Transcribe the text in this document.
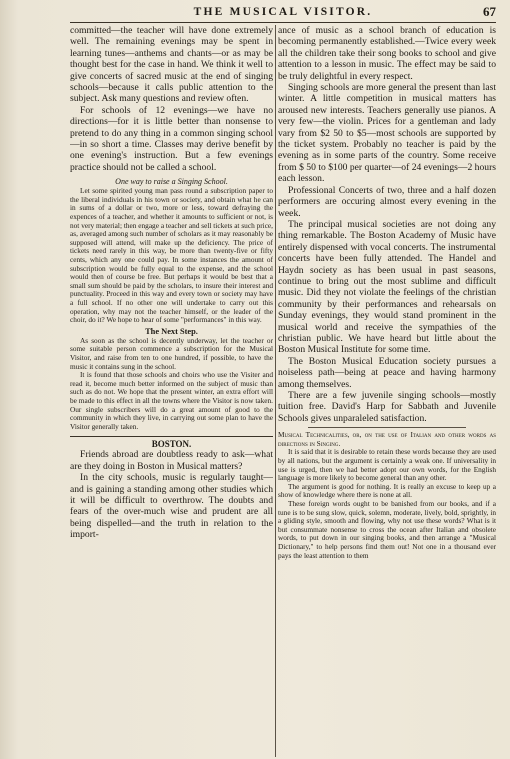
THE MUSICAL VISITOR.	67

committed—the teacher will have done extremely well. The remaining evenings may be spent in learning tunes—anthems and chants—or as may be thought best for the case in hand. We think it well to give concerts of sacred music at the end of singing schools—because it calls public attention to the subject. Ask many questions and review often.

For schools of 12 evenings—we have no directions—for it is little better than nonsense to pretend to do any thing in a common singing school—in so short a time. Classes may derive benefit by one evening's instruction. But a few evenings practice should not be called a school.

One way to raise a Singing School.

Let some spirited young man pass round a subscription paper to the liberal individuals in his town or society, and obtain what he can in sums of a dollar or two, more or less, toward defraying the expences of a teacher, and whether it amounts to sufficient or not, is not very material; then engage a teacher and sell tickets at such price, as, averaged among such number of scholars as it may reasonably be supposed will attend, will make up the deficiency. The price of tickets need rarely in this way, be more than twenty-five or fifty cents, which any one could pay. In some instances the amount of subscription would be fully equal to the expense, and the school would then of course be free. But perhaps it would be best that a small sum should be paid by the scholars, to insure their interest and punctuality. Proceed in this way and every town or society may have a full school. If no other one will undertake to carry out this operation, why may not the teacher himself, or the leader of the choir, do it? We hope to hear of some "performances" in this way.

The Next Step.

As soon as the school is decently underway, let the teacher or some suitable person commence a subscription for the Musical Visitor, and raise from ten to one hundred, if possible, to have the music it contains sung in the school.

It is found that those schools and choirs who use the Visiter and read it, become much better informed on the subject of music than such as do not. We hope that the present winter, an extra effort will be made to this effect in all the towns where the Visitor is now taken. Our single subscribers will do a great amount of good to the community in which they live, in carrying out some plan to have the Visitor generally taken.

BOSTON.

Friends abroad are doubtless ready to ask—what are they doing in Boston in Musical matters?

In the city schools, music is regularly taught—and is gaining a standing among other studies which it will be difficult to overthrow. The doubts and fears of the over-much wise and prudent are all being dispelled—and the truth in relation to the import-

ance of music as a school branch of education is becoming permanently established.—Twice every week all the children take their song books to school and give attention to a lesson in music. The effect may be said to be truly delightful in every respect.

Singing schools are more general the present than last winter. A little competition in musical matters has aroused new interests. Teachers generally use pianos. A very few—the violin. Prices for a gentleman and lady vary from $2 50 to $5—most schools are supported by the ticket system. Probably no teacher is paid by the evening as in some parts of the country. Some receive from $ 50 to $100 per quarter—of 24 evenings—2 hours each lesson.

Professional Concerts of two, three and a half dozen performers are occuring almost every evening in the week.

The principal musical societies are not doing any thing remarkable. The Boston Academy of Music have entirely dispensed with vocal concerts. The instrumental concerts have been fully attended. The Handel and Haydn society as has been usual in past seasons, continue to bring out the most sublime and difficult music. Did they not violate the feelings of the christian community by their performances and rehearsals on Sunday evenings, they would stand prominent in the musical world and receive the sympathies of the christian public. We have heard but little about the Boston Musical Institute for some time.

The Boston Musical Education society pursues a noiseless path—being at peace and having harmony among themselves.

There are a few juvenile singing schools—mostly tuition free. David's Harp for Sabbath and Juvenile Schools gives unparaleled satisfaction.

Musical Technicalities, or, on the use of Italian and other words as directions in Singing.

It is said that it is desirable to retain these words because they are used by all nations, but the argument is certainly a weak one. If universality in use is urged, then we had better adopt our own words, for the English language is more likely to become general than any other.

The argument is good for nothing. It is really an excuse to keep up a show of knowledge where there is none at all.

These foreign words ought to be banished from our books, and if a tune is to be sung slow, quick, solemn, moderate, lively, bold, sprightly, in a gliding style, smooth and flowing, why not use these words? What is it but consummate nonsense to cross the ocean after Italian and obsolete words, to put down in our singing books, and then arrange a "Musical Dictionary," to help persons find them out! Not one in a thousand ever pays the least attention to them
